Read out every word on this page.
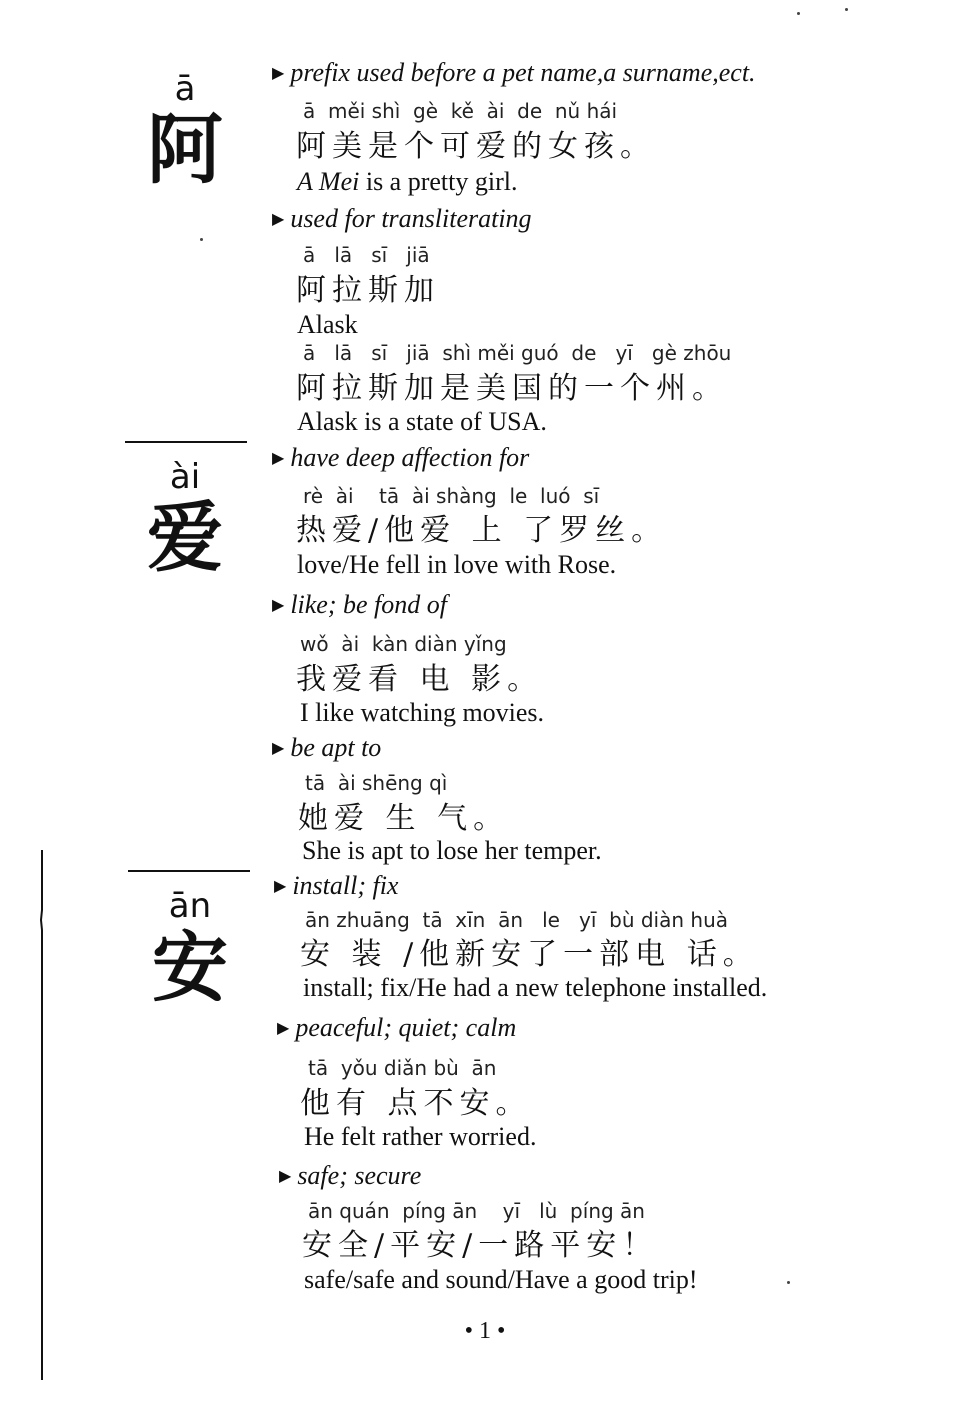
ā
阿
ài
爱
ān
安
▶ prefix used before a pet name,a surname,ect.
ā  měi shì  gè  kě  ài  de  nǔ hái
阿美是个可爱的女孩。
A Mei is a pretty girl.
▶ used for transliterating
ā   lā   sī   jiā
阿拉斯加
Alask
ā   lā   sī   jiā  shì měi guó  de   yī   gè zhōu
阿拉斯加是美国的一个州。
Alask is a state of USA.
▶ have deep affection for
rè  ài    tā  ài shàng  le  luó  sī
热爱/他爱 上 了罗丝。
love/He fell in love with Rose.
▶ like; be fond of
wǒ  ài  kàn diàn yǐng
我爱看 电 影。
I like watching movies.
▶ be apt to
tā  ài shēng qì
她爱 生 气。
She is apt to lose her temper.
▶ install; fix
ān zhuāng  tā  xīn  ān   le   yī  bù diàn huà
安 装 /他新安了一部电 话。
install; fix/He had a new telephone installed.
▶ peaceful; quiet; calm
tā  yǒu diǎn bù  ān
他有 点不安。
He felt rather worried.
▶ safe; secure
ān quán  píng ān    yī   lù  píng ān
安全/平安/一路平安！
safe/safe and sound/Have a good trip!
• 1 •
